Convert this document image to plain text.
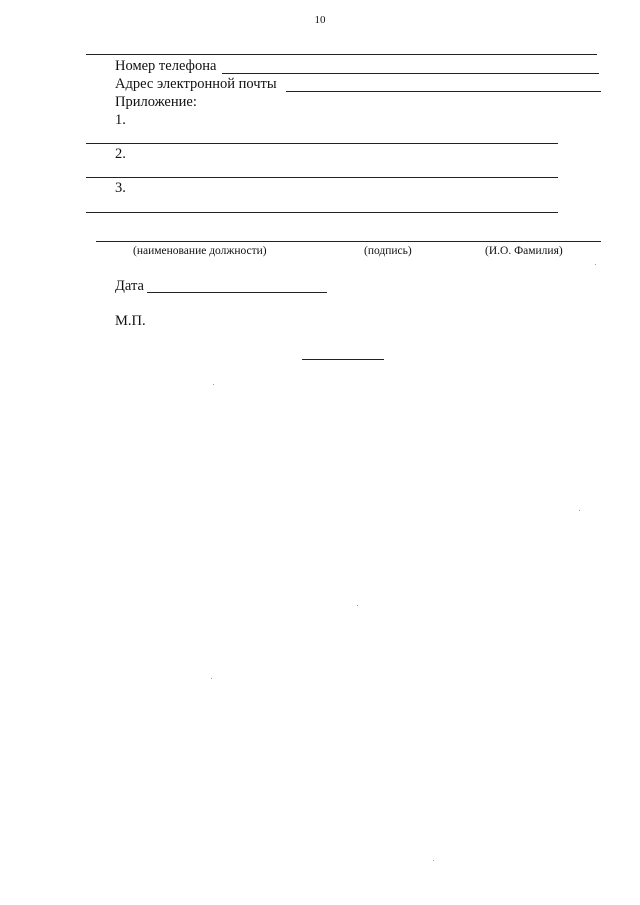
10
Номер телефона
Адрес электронной почты
Приложение:
1.
2.
3.
(наименование должности)	(подпись)	(И.О. Фамилия)
Дата
М.П.
